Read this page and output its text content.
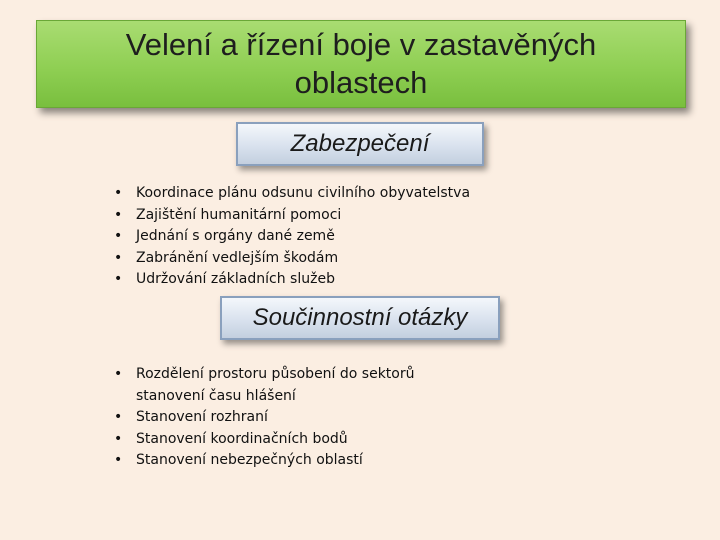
Velení a řízení boje v zastavěných oblastech
Zabezpečení
• Koordinace plánu odsunu civilního obyvatelstva
• Zajištění humanitární pomoci
• Jednání s orgány dané země
• Zabránění vedlejším škodám
• Udržování základních služeb
Součinnostní otázky
• Rozdělení prostoru působení do sektorů stanovení času hlášení
• Stanovení rozhraní
• Stanovení koordinačních bodů
• Stanovení nebezpečných oblastí
